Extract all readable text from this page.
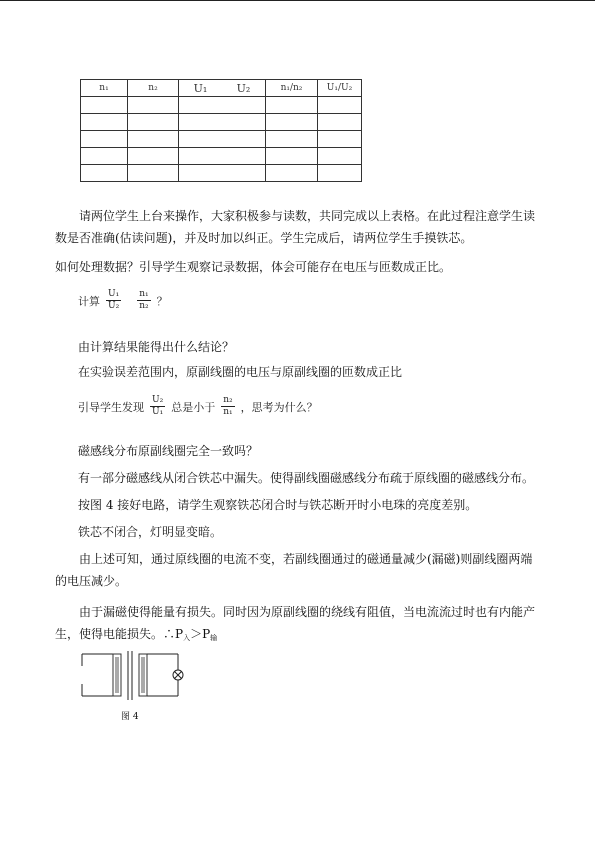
n₁	n₂	U₁ U₂	n₁/n₂	U₁/U₂

请两位学生上台来操作，大家积极参与读数，共同完成以上表格。在此过程注意学生读数是否准确(估读问题)，并及时加以纠正。学生完成后，请两位学生手摸铁芯。

如何处理数据？引导学生观察记录数据，体会可能存在电压与匝数成正比。

计算 $\frac{\text{U₁}}{\text{U₂}} \frac{\text{n₁}}{\text{n₂}}$ ？

由计算结果能得出什么结论？

在实验误差范围内，原副线圈的电压与原副线圈的匝数成正比

引导学生发现 $\frac{\text{U₂}}{\text{U₁}}$ 总是小于 $\frac{\text{n₂}}{\text{n₁}}$ ，思考为什么？

磁感线分布原副线圈完全一致吗？

有一部分磁感线从闭合铁芯中漏失。使得副线圈磁感线分布疏于原线圈的磁感线分布。

按图 4 接好电路，请学生观察铁芯闭合时与铁芯断开时小电珠的亮度差别。

铁芯不闭合，灯明显变暗。

由上述可知，通过原线圈的电流不变，若副线圈通过的磁通量减少(漏磁)则副线圈两端的电压减少。

由于漏磁使得能量有损失。同时因为原副线圈的绕线有阻值，当电流流过时也有内能产生，使得电能损失。$\therefore P_入>P_输$

图 4
